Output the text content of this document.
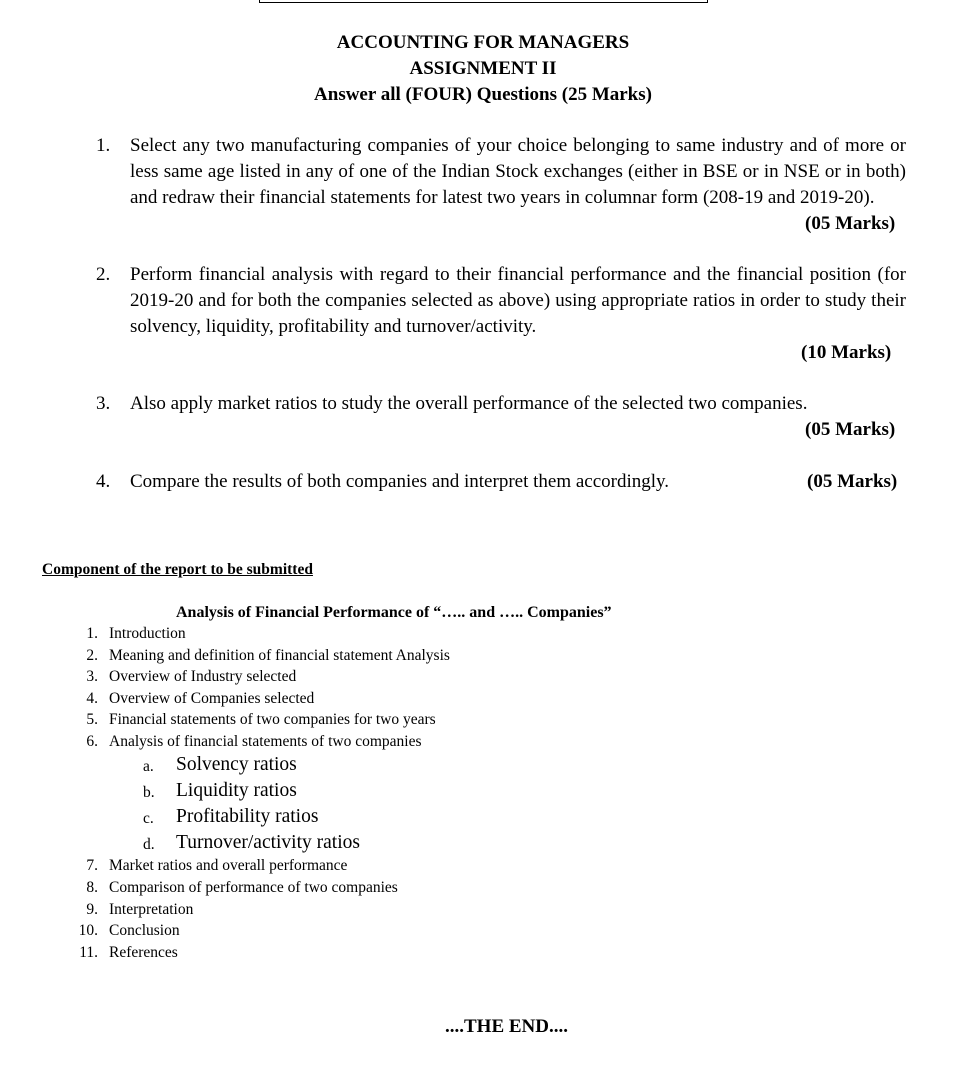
ACCOUNTING FOR MANAGERS
ASSIGNMENT II
Answer all (FOUR) Questions (25 Marks)
1. Select any two manufacturing companies of your choice belonging to same industry and of more or less same age listed in any of one of the Indian Stock exchanges (either in BSE or in NSE or in both) and redraw their financial statements for latest two years in columnar form (208-19 and 2019-20).
(05 Marks)
2. Perform financial analysis with regard to their financial performance and the financial position (for 2019-20 and for both the companies selected as above) using appropriate ratios in order to study their solvency, liquidity, profitability and turnover/activity.
(10 Marks)
3. Also apply market ratios to study the overall performance of the selected two companies.
(05 Marks)
4. Compare the results of both companies and interpret them accordingly.	(05 Marks)
Component of the report to be submitted
Analysis of Financial Performance of “….. and ….. Companies”
1. Introduction
2. Meaning and definition of financial statement Analysis
3. Overview of Industry selected
4. Overview of Companies selected
5. Financial statements of two companies for two years
6. Analysis of financial statements of two companies
a. Solvency ratios
b. Liquidity ratios
c. Profitability ratios
d. Turnover/activity ratios
7. Market ratios and overall performance
8. Comparison of performance of two companies
9. Interpretation
10. Conclusion
11. References
....THE END....
